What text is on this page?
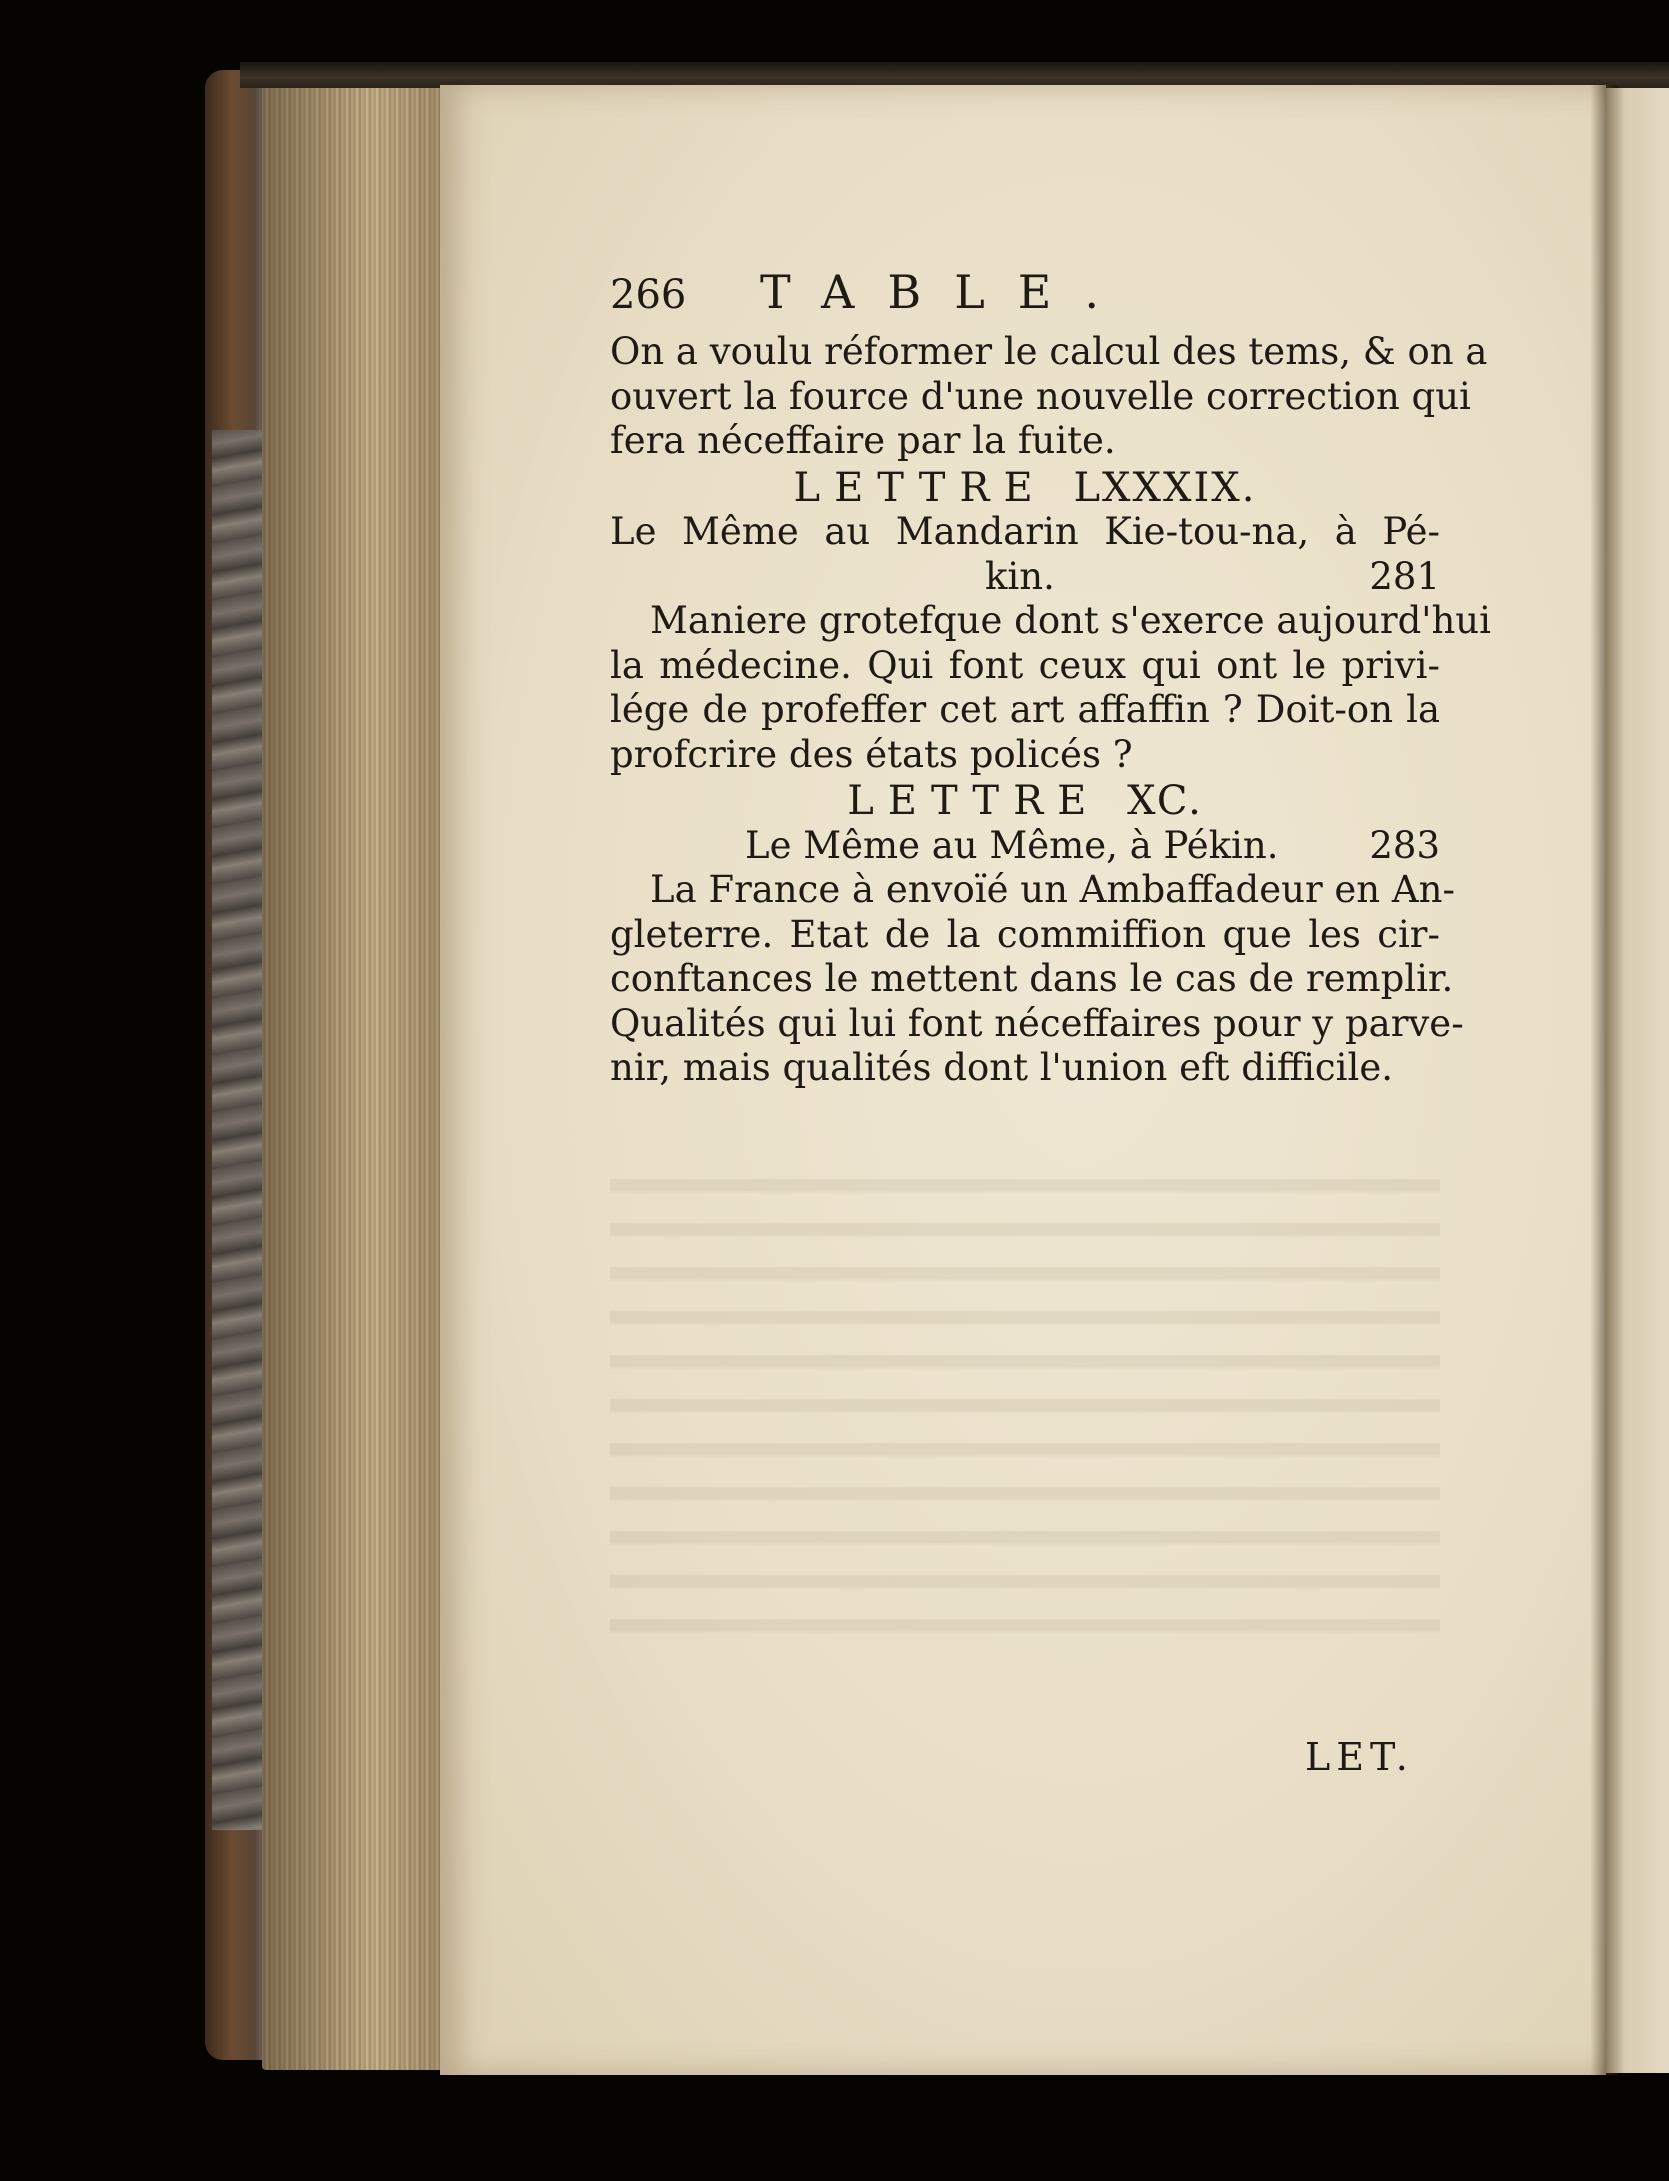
266	TABLE.
On a voulu réformer le calcul des tems, & on a
ouvert la fource d'une nouvelle correction qui
fera néceffaire par la fuite.
LETTRE LXXXIX.
Le Même au Mandarin Kie-tou-na, à Pé-
kin.	281
Maniere grotefque dont s'exerce aujourd'hui
la médecine. Qui font ceux qui ont le privi-
lége de profeffer cet art affaffin ? Doit-on la
profcrire des états policés ?
LETTRE XC.
Le Même au Même, à Pékin. 283
La France à envoïé un Ambaffadeur en An-
gleterre. Etat de la commiffion que les cir-
conftances le mettent dans le cas de remplir.
Qualités qui lui font néceffaires pour y parve-
nir, mais qualités dont l'union eft difficile.
LET.
